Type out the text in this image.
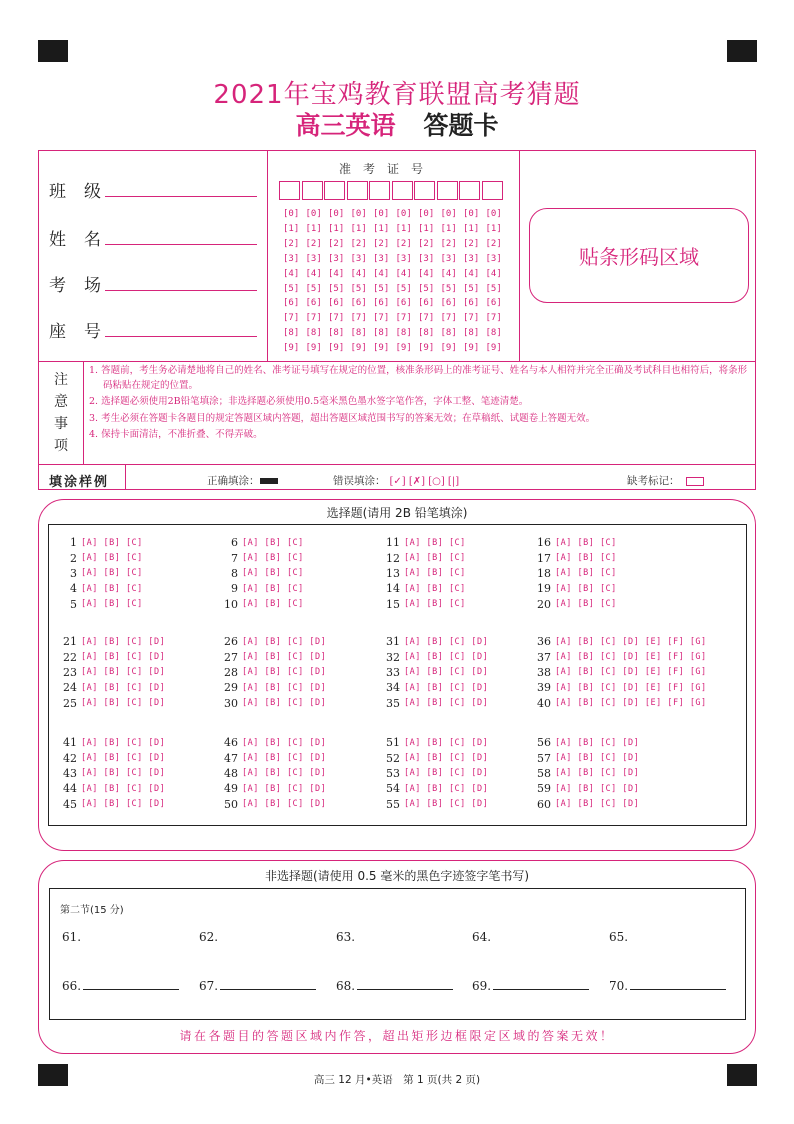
2021年宝鸡教育联盟高考猜题
高三英语 答题卡
班级
姓名
考场
座号
准考证号
[0] [0] [0] [0] [0] [0] [0] [0] [0] [0]
[1] [1] [1] [1] [1] [1] [1] [1] [1] [1]
[2] [2] [2] [2] [2] [2] [2] [2] [2] [2]
[3] [3] [3] [3] [3] [3] [3] [3] [3] [3]
[4] [4] [4] [4] [4] [4] [4] [4] [4] [4]
[5] [5] [5] [5] [5] [5] [5] [5] [5] [5]
[6] [6] [6] [6] [6] [6] [6] [6] [6] [6]
[7] [7] [7] [7] [7] [7] [7] [7] [7] [7]
[8] [8] [8] [8] [8] [8] [8] [8] [8] [8]
[9] [9] [9] [9] [9] [9] [9] [9] [9] [9]
贴条形码区域
注
意
事
项

1. 答题前，考生务必请楚地将自己的姓名、准考证号填写在规定的位置，核准条形码上的准考证号、姓名与本人相符并完全正确及考试科目也相符后，将条形码粘贴在规定的位置。

2. 选择题必须使用2B铅笔填涂；非选择题必须使用0.5毫米黑色墨水签字笔作答，字体工整、笔迹清楚。

3. 考生必须在答题卡各题目的规定答题区域内答题，超出答题区域范围书写的答案无效；在草稿纸、试题卷上答题无效。

4. 保持卡面清洁，不准折叠、不得弄破。

填涂样例	正确填涂：	错误填涂： [✓] [✗] [○] [|]	缺考标记：
选择题(请用 2B 铅笔填涂)
1 [A] [B] [C]
2 [A] [B] [C]
3 [A] [B] [C]
4 [A] [B] [C]
5 [A] [B] [C]
6 [A] [B] [C]
7 [A] [B] [C]
8 [A] [B] [C]
9 [A] [B] [C]
10 [A] [B] [C]
11 [A] [B] [C]
12 [A] [B] [C]
13 [A] [B] [C]
14 [A] [B] [C]
15 [A] [B] [C]
16 [A] [B] [C]
17 [A] [B] [C]
18 [A] [B] [C]
19 [A] [B] [C]
20 [A] [B] [C]
21 [A] [B] [C] [D]
22 [A] [B] [C] [D]
23 [A] [B] [C] [D]
24 [A] [B] [C] [D]
25 [A] [B] [C] [D]
26 [A] [B] [C] [D]
27 [A] [B] [C] [D]
28 [A] [B] [C] [D]
29 [A] [B] [C] [D]
30 [A] [B] [C] [D]
31 [A] [B] [C] [D]
32 [A] [B] [C] [D]
33 [A] [B] [C] [D]
34 [A] [B] [C] [D]
35 [A] [B] [C] [D]
36 [A] [B] [C] [D] [E] [F] [G]
37 [A] [B] [C] [D] [E] [F] [G]
38 [A] [B] [C] [D] [E] [F] [G]
39 [A] [B] [C] [D] [E] [F] [G]
40 [A] [B] [C] [D] [E] [F] [G]
41 [A] [B] [C] [D]
42 [A] [B] [C] [D]
43 [A] [B] [C] [D]
44 [A] [B] [C] [D]
45 [A] [B] [C] [D]
46 [A] [B] [C] [D]
47 [A] [B] [C] [D]
48 [A] [B] [C] [D]
49 [A] [B] [C] [D]
50 [A] [B] [C] [D]
51 [A] [B] [C] [D]
52 [A] [B] [C] [D]
53 [A] [B] [C] [D]
54 [A] [B] [C] [D]
55 [A] [B] [C] [D]
56 [A] [B] [C] [D]
57 [A] [B] [C] [D]
58 [A] [B] [C] [D]
59 [A] [B] [C] [D]
60 [A] [B] [C] [D]
非选择题(请使用 0.5 毫米的黑色字迹签字笔书写)
第二节(15 分)
61.	62.	63.	64.	65.
66.	67.	68.	69.	70.
请在各题目的答题区域内作答，超出矩形边框限定区域的答案无效！
高三 12 月•英语　第 1 页(共 2 页)
